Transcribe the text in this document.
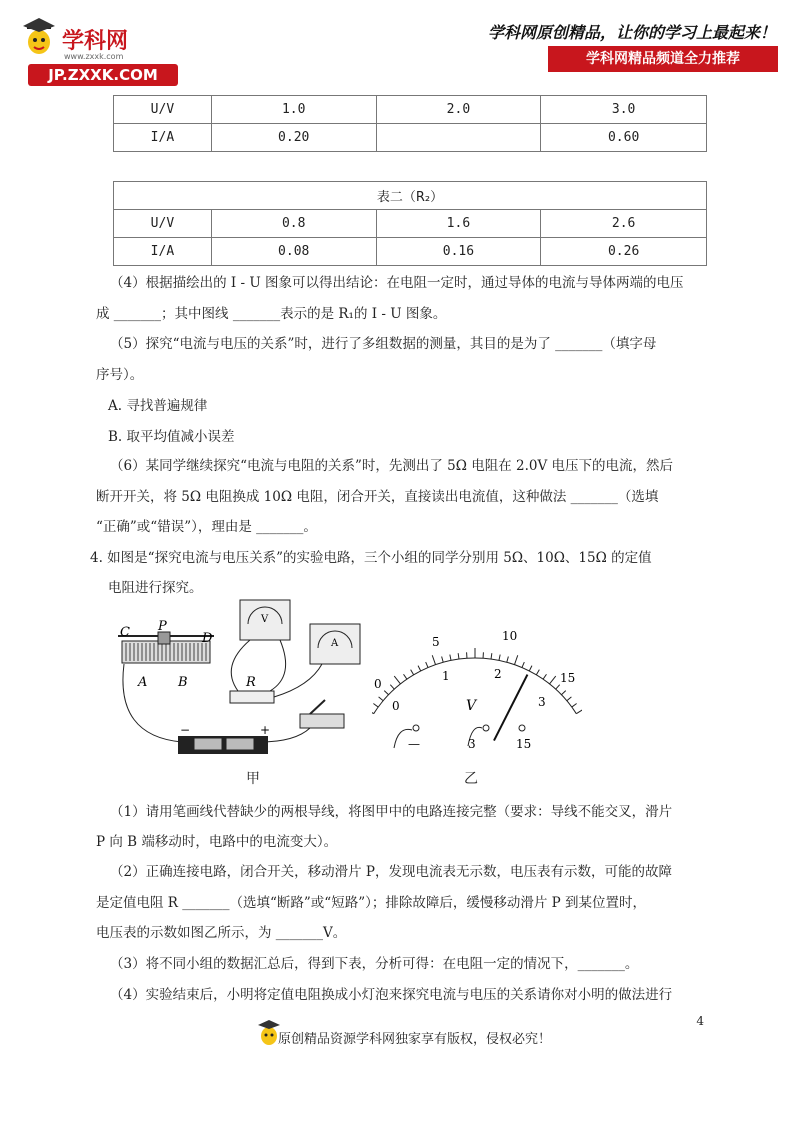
学科网
www.zxxk.com
JP.ZXXK.COM
学科网原创精品，让你的学习上最起来！
学科网精品频道全力推荐
U/V	1.0	2.0	3.0
I/A	0.20		0.60
表二（R₂）			
U/V	0.8	1.6	2.6
I/A	0.08	0.16	0.26
（4）根据描绘出的 I - U 图象可以得出结论：在电阻一定时，通过导体的电流与导体两端的电压
成 _______；其中图线 _______表示的是 R₁的 I - U 图象。
（5）探究“电流与电压的关系”时，进行了多组数据的测量，其目的是为了 _______（填字母
序号）。
A. 寻找普遍规律
B. 取平均值减小误差
（6）某同学继续探究“电流与电阻的关系”时，先测出了 5Ω 电阻在 2.0V 电压下的电流，然后
断开开关，将 5Ω 电阻换成 10Ω 电阻，闭合开关，直接读出电流值，这种做法 _______（选填
“正确”或“错误”），理由是 _______。
4. 如图是“探究电流与电压关系”的实验电路，三个小组的同学分别用 5Ω、10Ω、15Ω 的定值
电阻进行探究。
C P
D
A B
V
A
R
−	+
甲
0
5	10
15
0
1	2
3
V
—	3	15
乙
（1）请用笔画线代替缺少的两根导线，将图甲中的电路连接完整（要求：导线不能交叉，滑片
P 向 B 端移动时，电路中的电流变大）。
（2）正确连接电路，闭合开关，移动滑片 P，发现电流表无示数，电压表有示数，可能的故障
是定值电阻 R _______（选填“断路”或“短路”）；排除故障后，缓慢移动滑片 P 到某位置时，
电压表的示数如图乙所示，为 _______V。
（3）将不同小组的数据汇总后，得到下表，分析可得：在电阻一定的情况下，_______。
（4）实验结束后，小明将定值电阻换成小灯泡来探究电流与电压的关系请你对小明的做法进行
4
原创精品资源学科网独家享有版权，侵权必究！
